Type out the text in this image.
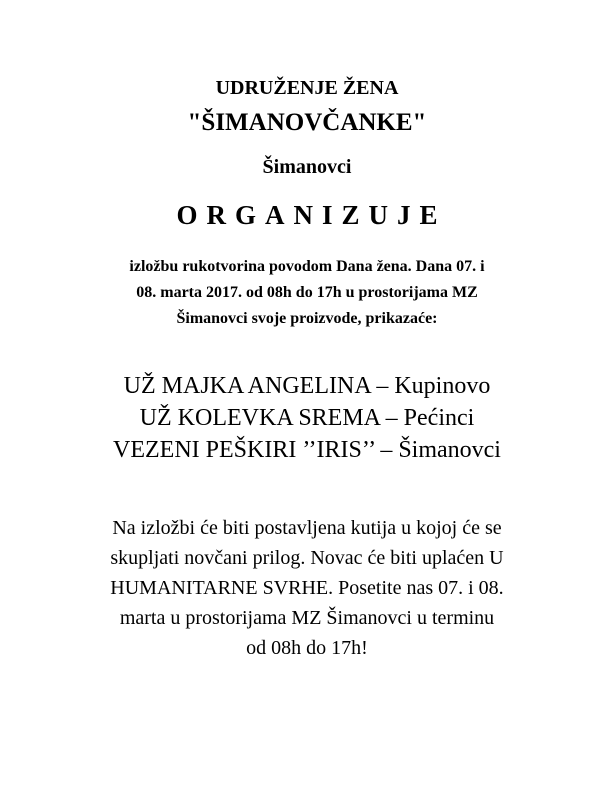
UDRUŽENJE ŽENA
"ŠIMANOVČANKE"
Šimanovci
ORGANIZUJE
izložbu rukotvorina povodom Dana žena. Dana 07. i
08. marta 2017. od 08h do 17h u prostorijama MZ
Šimanovci svoje proizvode, prikazaće:
UŽ MAJKA ANGELINA – Kupinovo
UŽ KOLEVKA SREMA – Pećinci
VEZENI PEŠKIRI ’’IRIS’’ – Šimanovci
Na izložbi će biti postavljena kutija u kojoj će se
skupljati novčani prilog. Novac će biti uplaćen U
HUMANITARNE SVRHE. Posetite nas 07. i 08.
marta u prostorijama MZ Šimanovci u terminu
od 08h do 17h!
